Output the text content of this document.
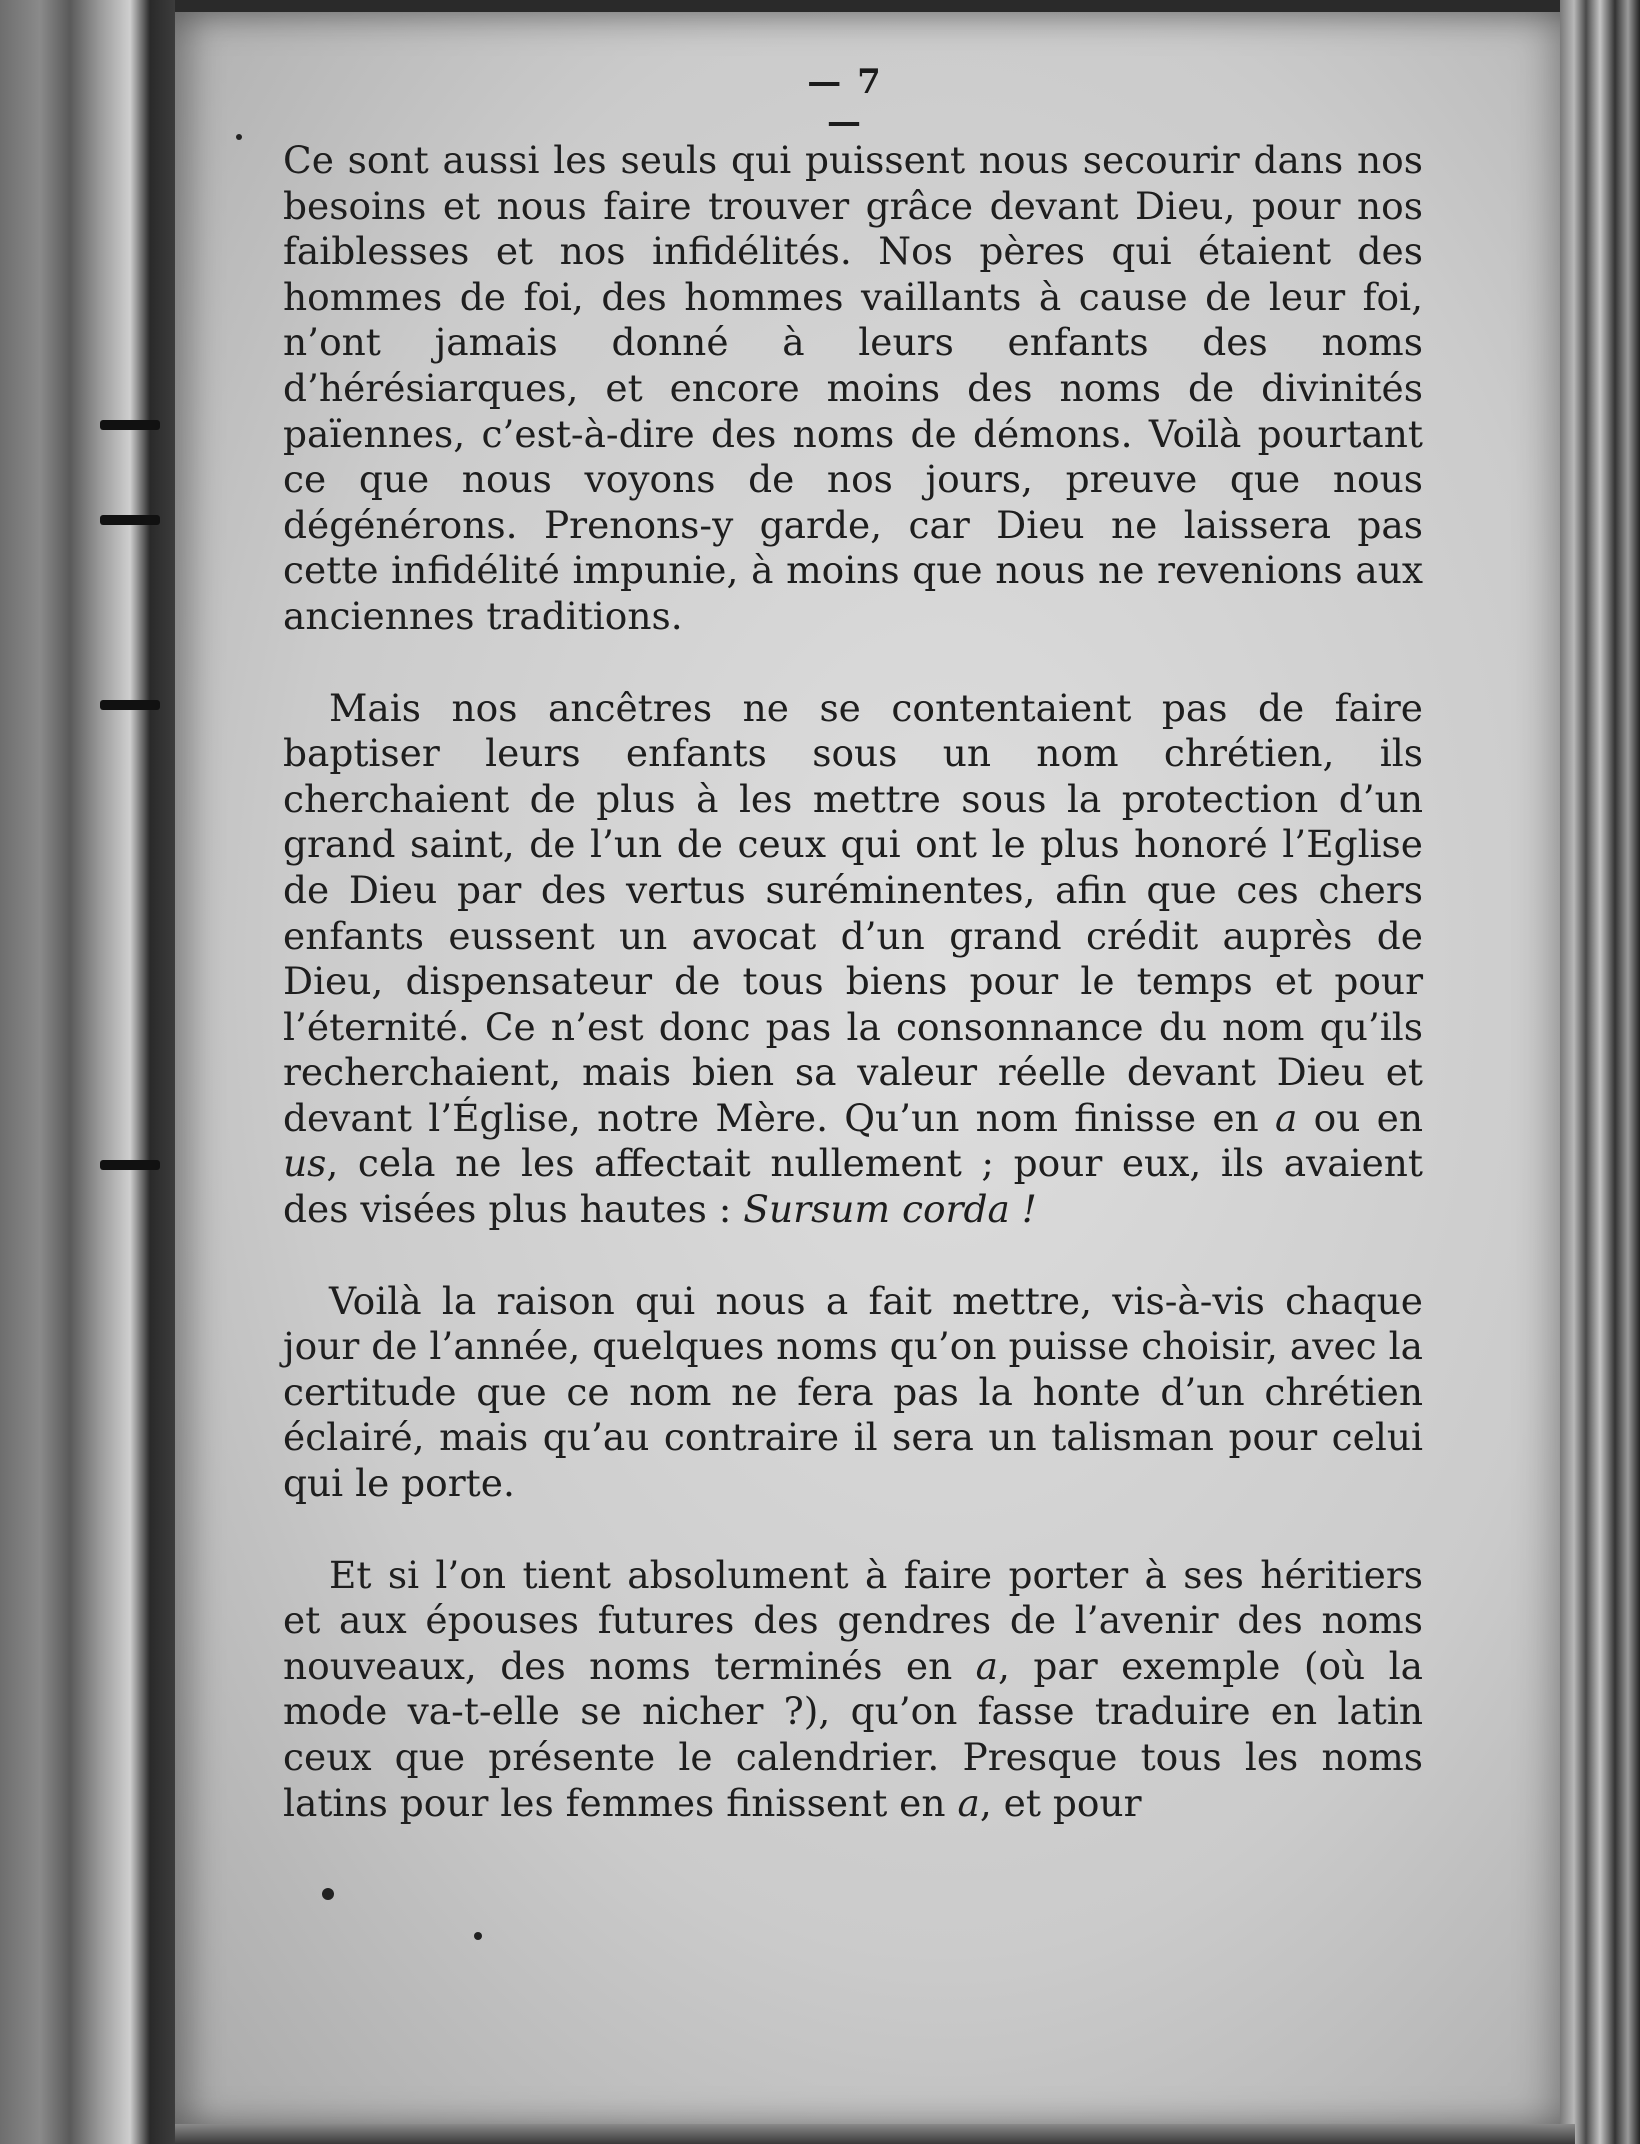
— 7 —

Ce sont aussi les seuls qui puissent nous secourir dans nos besoins et nous faire trouver grâce devant Dieu, pour nos faiblesses et nos infidélités. Nos pères qui étaient des hommes de foi, des hommes vaillants à cause de leur foi, n’ont jamais donné à leurs enfants des noms d’hérésiarques, et encore moins des noms de divinités païennes, c’est-à-dire des noms de démons. Voilà pourtant ce que nous voyons de nos jours, preuve que nous dégénérons. Prenons-y garde, car Dieu ne laissera pas cette infidélité impunie, à moins que nous ne revenions aux anciennes traditions.

Mais nos ancêtres ne se contentaient pas de faire baptiser leurs enfants sous un nom chrétien, ils cherchaient de plus à les mettre sous la protection d’un grand saint, de l’un de ceux qui ont le plus honoré l’Eglise de Dieu par des vertus suréminentes, afin que ces chers enfants eussent un avocat d’un grand crédit auprès de Dieu, dispensateur de tous biens pour le temps et pour l’éternité. Ce n’est donc pas la consonnance du nom qu’ils recherchaient, mais bien sa valeur réelle devant Dieu et devant l’Église, notre Mère. Qu’un nom finisse en a ou en us, cela ne les affectait nullement ; pour eux, ils avaient des visées plus hautes : Sursum corda !

Voilà la raison qui nous a fait mettre, vis-à-vis chaque jour de l’année, quelques noms qu’on puisse choisir, avec la certitude que ce nom ne fera pas la honte d’un chrétien éclairé, mais qu’au contraire il sera un talisman pour celui qui le porte.

Et si l’on tient absolument à faire porter à ses héritiers et aux épouses futures des gendres de l’avenir des noms nouveaux, des noms terminés en a, par exemple (où la mode va-t-elle se nicher ?), qu’on fasse traduire en latin ceux que présente le calendrier. Presque tous les noms latins pour les femmes finissent en a, et pour
